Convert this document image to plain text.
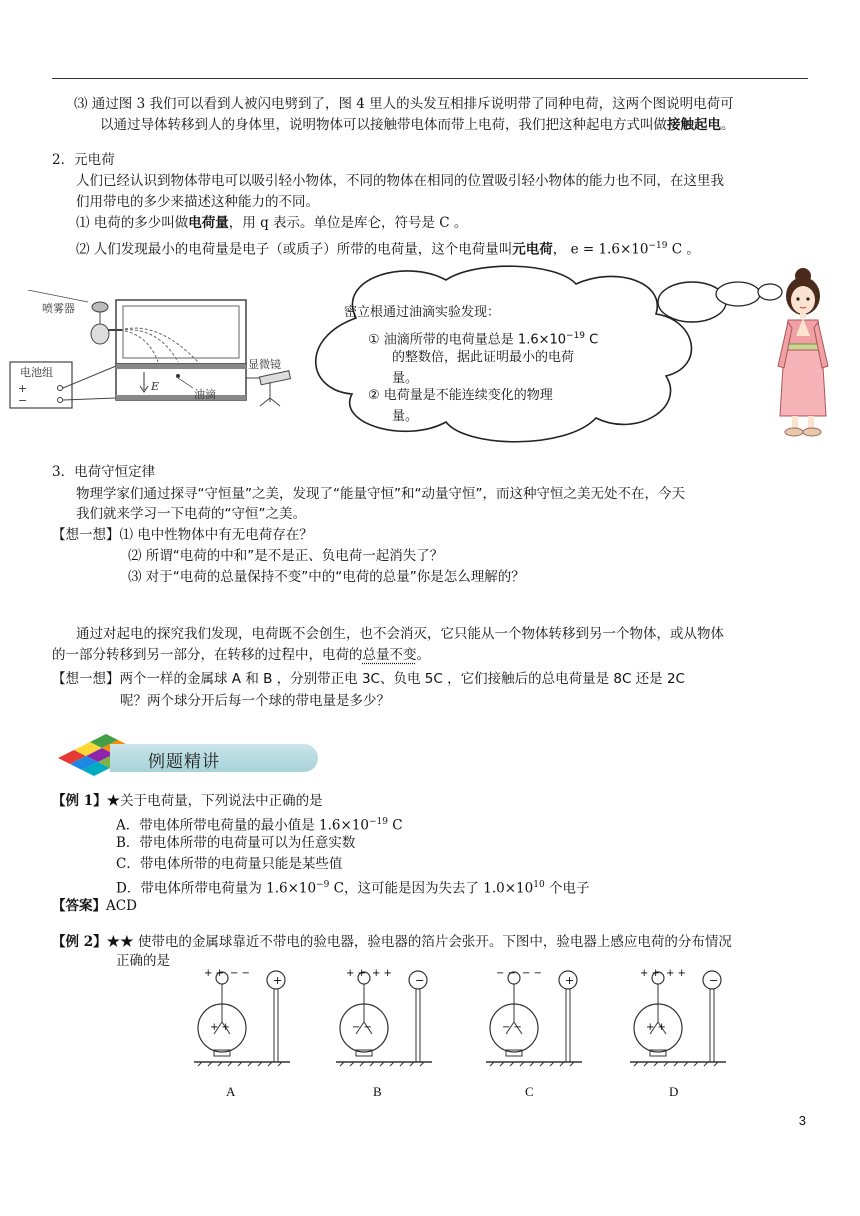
⑶ 通过图 3 我们可以看到人被闪电劈到了，图 4 里人的头发互相排斥说明带了同种电荷，这两个图说明电荷可
以通过导体转移到人的身体里，说明物体可以接触带电体而带上电荷，我们把这种起电方式叫做接触起电。
2．元电荷
人们已经认识到物体带电可以吸引轻小物体，不同的物体在相同的位置吸引轻小物体的能力也不同，在这里我
们用带电的多少来描述这种能力的不同。
⑴ 电荷的多少叫做电荷量，用 q 表示。单位是库仑，符号是 C 。
⑵ 人们发现最小的电荷量是电子（或质子）所带的电荷量，这个电荷量叫元电荷， $e = 1.6\times 10^{-19}$ C 。
喷雾器
电池组
+
−
E
油滴
显微镜
密立根通过油滴实验发现：
① 油滴所带的电荷量总是 $1.6\times 10^{-19}$ C
的整数倍，据此证明最小的电荷
量。
② 电荷量是不能连续变化的物理
量。
3．电荷守恒定律
物理学家们通过探寻“守恒量”之美，发现了“能量守恒”和“动量守恒”，而这种守恒之美无处不在，今天
我们就来学习一下电荷的“守恒”之美。
【想一想】⑴ 电中性物体中有无电荷存在？
⑵ 所谓“电荷的中和”是不是正、负电荷一起消失了？
⑶ 对于“电荷的总量保持不变”中的“电荷的总量”你是怎么理解的？
通过对起电的探究我们发现，电荷既不会创生，也不会消灭，它只能从一个物体转移到另一个物体，或从物体
的一部分转移到另一部分，在转移的过程中，电荷的总量不变。
【想一想】两个一样的金属球 A 和 B ，分别带正电 3C、负电 5C ，它们接触后的总电荷量是 8C 还是 2C
呢？两个球分开后每一个球的带电量是多少？
例题精讲
【例 1】★关于电荷量，下列说法中正确的是
A．带电体所带电荷量的最小值是 $1.6\times 10^{-19}$ C
B．带电体所带的电荷量可以为任意实数
C．带电体所带的电荷量只能是某些值
D．带电体所带电荷量为 $1.6\times 10^{-9}$ C，这可能是因为失去了 $1.0\times 10^{10}$ 个电子
【答案】ACD
【例 2】★★ 使带电的金属球靠近不带电的验电器，验电器的箔片会张开。下图中，验电器上感应电荷的分布情况
正确的是
+ + − −
+ +
+
+ + + +
− −
−
− − − −
− −
+
+ + + +
+ +
−
A	B	C	D
3
